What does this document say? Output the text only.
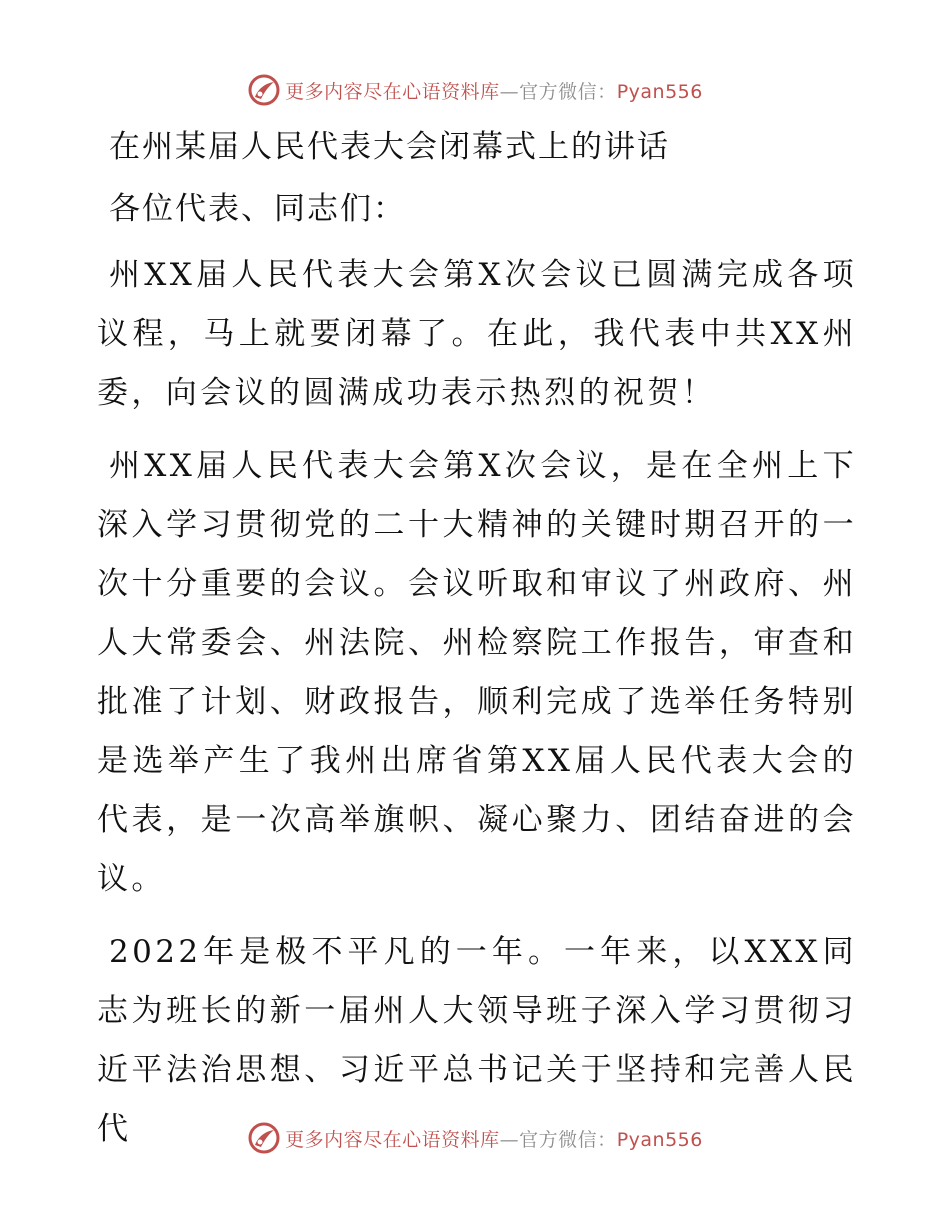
更多内容尽在心语资料库—官方微信：Pyan556
在州某届人民代表大会闭幕式上的讲话
各位代表、同志们：

州XX届人民代表大会第X次会议已圆满完成各项议程，马上就要闭幕了。在此，我代表中共XX州委，向会议的圆满成功表示热烈的祝贺！

州XX届人民代表大会第X次会议，是在全州上下深入学习贯彻党的二十大精神的关键时期召开的一次十分重要的会议。会议听取和审议了州政府、州人大常委会、州法院、州检察院工作报告，审查和批准了计划、财政报告，顺利完成了选举任务特别是选举产生了我州出席省第XX届人民代表大会的代表，是一次高举旗帜、凝心聚力、团结奋进的会议。

2022年是极不平凡的一年。一年来，以XXX同志为班长的新一届州人大领导班子深入学习贯彻习近平法治思想、习近平总书记关于坚持和完善人民代	更多内容尽在心语资料库—官方微信：Pyan556
